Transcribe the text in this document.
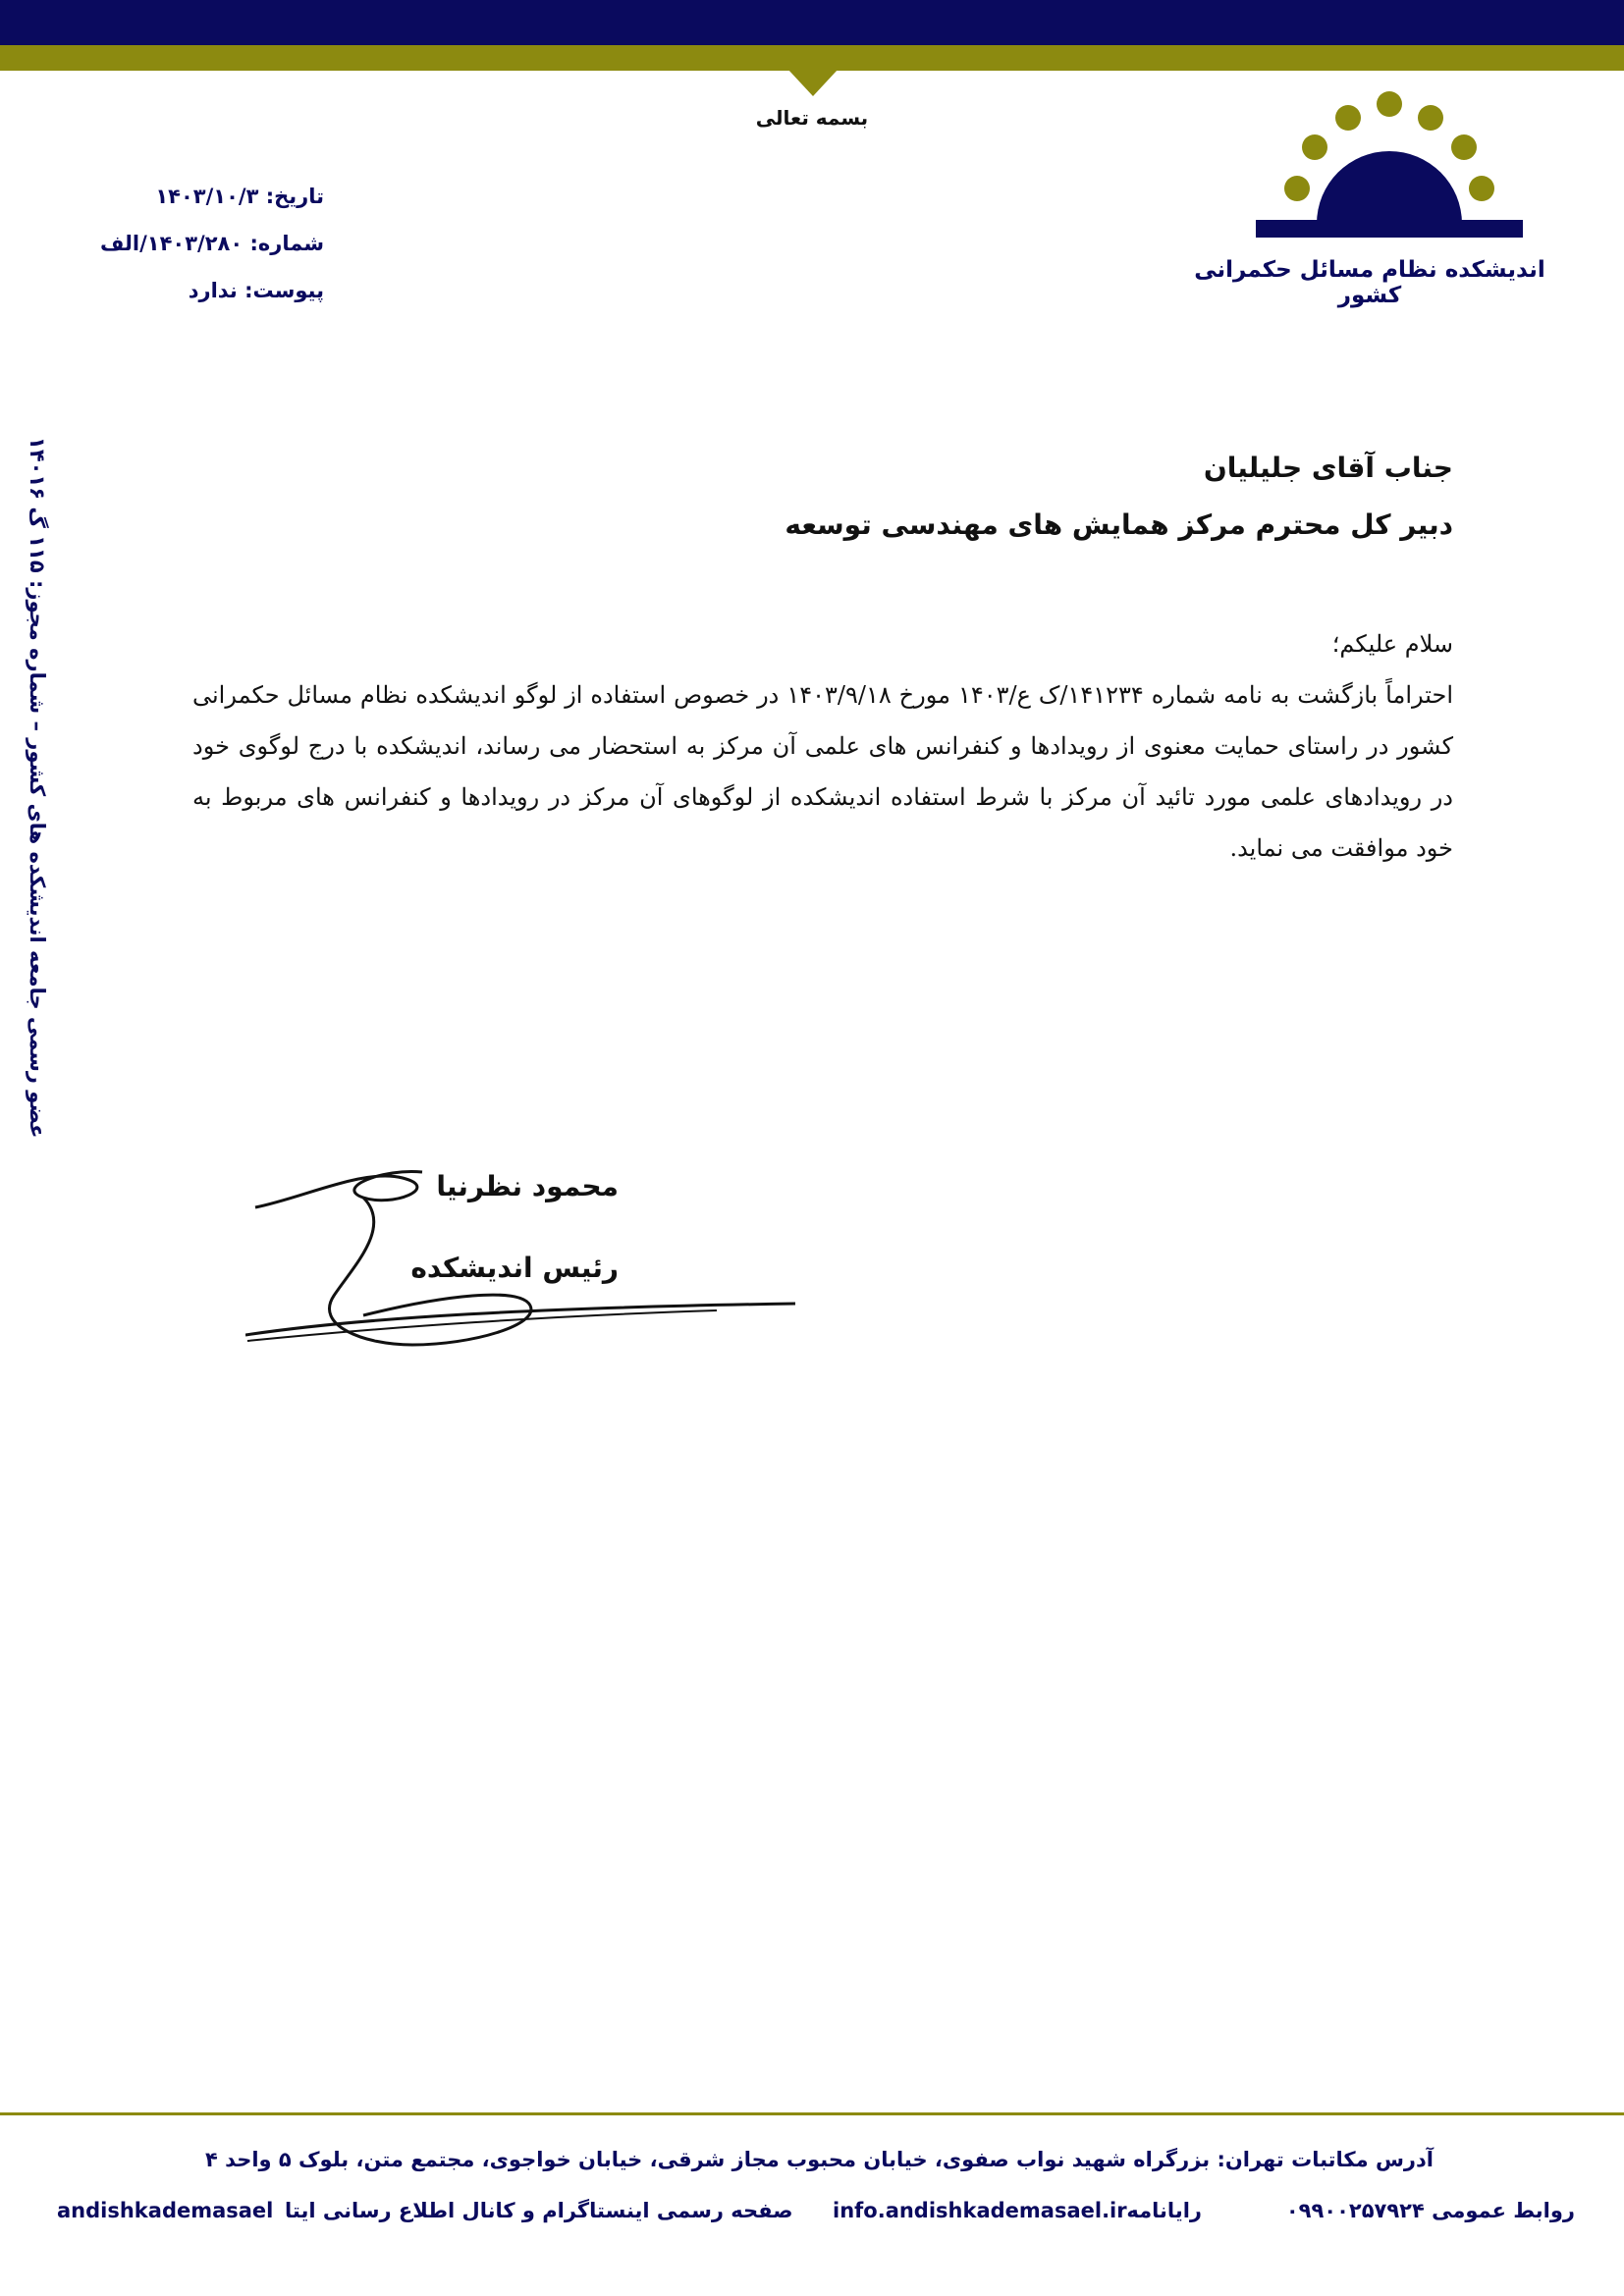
بسمه تعالی
اندیشکده نظام مسائل حکمرانی کشور
تاریخ: ۱۴۰۳/۱۰/۳
شماره: ۱۴۰۳/۲۸۰/الف
پیوست: ندارد
عضو رسمی جامعه اندیشکده های کشور – شماره مجوز: ۱۱۵ گ ۱۴۰۱۶
جناب آقای جلیلیان
دبیر کل محترم مرکز همایش های مهندسی توسعه
سلام علیکم؛
احتراماً بازگشت به نامه شماره ۱۴۱۲۳۴/ک ع/۱۴۰۳ مورخ ۱۴۰۳/۹/۱۸ در خصوص استفاده از لوگو اندیشکده نظام مسائل حکمرانی کشور در راستای حمایت معنوی از رویدادها و کنفرانس های علمی آن مرکز به استحضار می رساند، اندیشکده با درج لوگوی خود در رویدادهای علمی مورد تائید آن مرکز با شرط استفاده اندیشکده از لوگوهای آن مرکز در رویدادها و کنفرانس های مربوط به خود موافقت می نماید.
محمود نظرنیا
رئیس اندیشکده
آدرس مکاتبات تهران: بزرگراه شهید نواب صفوی، خیابان محبوب مجاز شرقی، خیابان خواجوی، مجتمع متن، بلوک ۵ واحد ۴
روابط عمومی ۰۹۹۰۰۲۵۷۹۲۴
رایانامه
info.andishkademasael.ir
صفحه رسمی اینستاگرام و کانال اطلاع رسانی ایتا
andishkademasael
